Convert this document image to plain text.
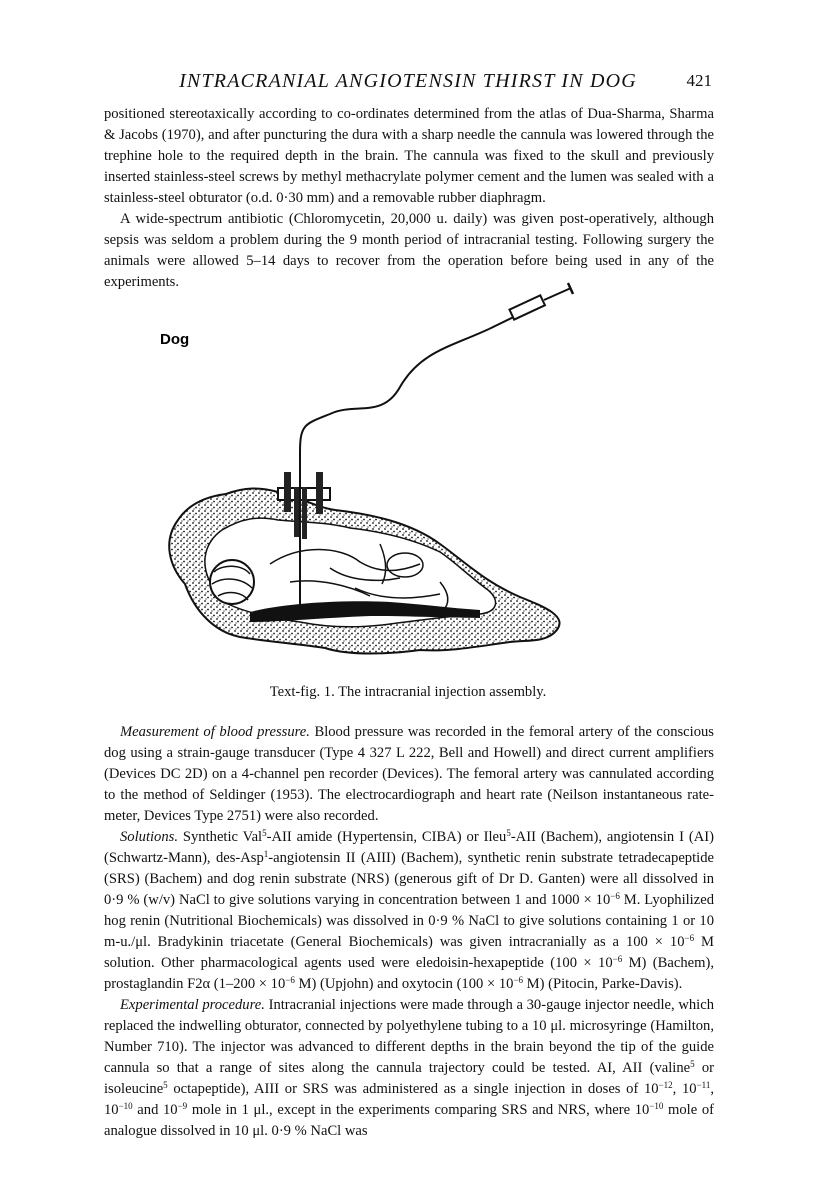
INTRACRANIAL ANGIOTENSIN THIRST IN DOG	421

positioned stereotaxically according to co-ordinates determined from the atlas of Dua-Sharma, Sharma & Jacobs (1970), and after puncturing the dura with a sharp needle the cannula was lowered through the trephine hole to the required depth in the brain. The cannula was fixed to the skull and previously inserted stainless-steel screws by methyl methacrylate polymer cement and the lumen was sealed with a stainless-steel obturator (o.d. 0·30 mm) and a removable rubber diaphragm.

A wide-spectrum antibiotic (Chloromycetin, 20,000 u. daily) was given post-operatively, although sepsis was seldom a problem during the 9 month period of intracranial testing. Following surgery the animals were allowed 5–14 days to recover from the operation before being used in any of the experiments.

Dog
Text-fig. 1. The intracranial injection assembly.

Measurement of blood pressure. Blood pressure was recorded in the femoral artery of the conscious dog using a strain-gauge transducer (Type 4 327 L 222, Bell and Howell) and direct current amplifiers (Devices DC 2D) on a 4-channel pen recorder (Devices). The femoral artery was cannulated according to the method of Seldinger (1953). The electrocardiograph and heart rate (Neilson instantaneous rate-meter, Devices Type 2751) were also recorded.

Solutions. Synthetic Val$^5$-AII amide (Hypertensin, CIBA) or Ileu$^5$-AII (Bachem), angiotensin I (AI) (Schwartz-Mann), des-Asp$^1$-angiotensin II (AIII) (Bachem), synthetic renin substrate tetradecapeptide (SRS) (Bachem) and dog renin substrate (NRS) (generous gift of Dr D. Ganten) were all dissolved in 0·9 % (w/v) NaCl to give solutions varying in concentration between 1 and $1000 \times 10^{-6}$ M. Lyophilized hog renin (Nutritional Biochemicals) was dissolved in 0·9 % NaCl to give solutions containing 1 or 10 m-u./μl. Bradykinin triacetate (General Biochemicals) was given intracranially as a $100 \times 10^{-6}$ M solution. Other pharmacological agents used were eledoisin-hexapeptide ($100 \times 10^{-6}$ M) (Bachem), prostaglandin F2α ($1-200 \times 10^{-6}$ M) (Upjohn) and oxytocin ($100 \times 10^{-6}$ M) (Pitocin, Parke-Davis).

Experimental procedure. Intracranial injections were made through a 30-gauge injector needle, which replaced the indwelling obturator, connected by polyethylene tubing to a 10 μl. microsyringe (Hamilton, Number 710). The injector was advanced to different depths in the brain beyond the tip of the guide cannula so that a range of sites along the cannula trajectory could be tested. AI, AII (valine$^5$ or isoleucine$^5$ octapeptide), AIII or SRS was administered as a single injection in doses of $10^{-12}$, $10^{-11}$, $10^{-10}$ and $10^{-9}$ mole in 1 μl., except in the experiments comparing SRS and NRS, where $10^{-10}$ mole of analogue dissolved in 10 μl. 0·9 % NaCl was
